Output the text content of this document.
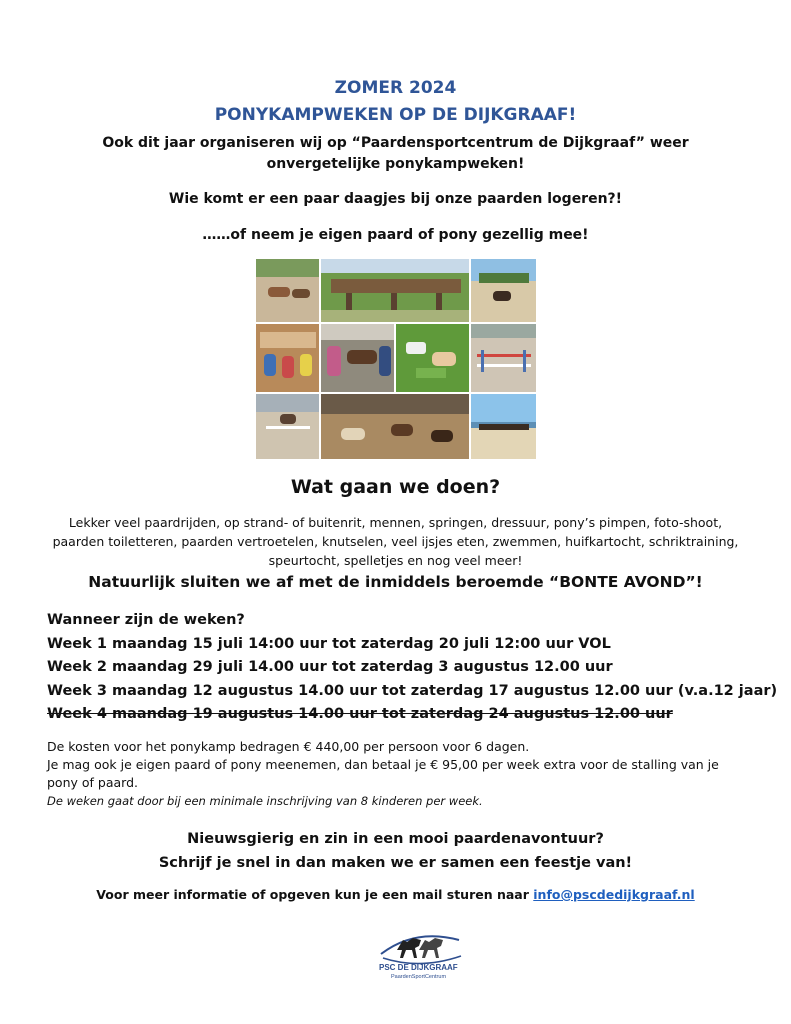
ZOMER 2024
PONYKAMPWEKEN OP DE DIJKGRAAF!
Ook dit jaar organiseren wij op “Paardensportcentrum de Dijkgraaf” weer onvergetelijke ponykampweken!
Wie komt er een paar daagjes bij onze paarden logeren?!
……of neem je eigen paard of pony gezellig mee!
Wat gaan we doen?
Lekker veel paardrijden, op strand- of buitenrit, mennen, springen, dressuur, pony’s pimpen, foto-shoot, paarden toiletteren, paarden vertroetelen, knutselen, veel ijsjes eten, zwemmen, huifkartocht, schriktraining, speurtocht, spelletjes en nog veel meer!
Natuurlijk sluiten we af met de inmiddels beroemde “BONTE AVOND”!
Wanneer zijn de weken?
Week 1 maandag 15 juli 14:00 uur tot zaterdag 20 juli 12:00 uur VOL
Week 2 maandag 29 juli 14.00 uur tot zaterdag 3 augustus 12.00 uur
Week 3 maandag 12 augustus 14.00 uur tot zaterdag 17 augustus 12.00 uur (v.a.12 jaar)
Week 4 maandag 19 augustus 14.00 uur tot zaterdag 24 augustus 12.00 uur
De kosten voor het ponykamp bedragen € 440,00 per persoon voor 6 dagen.
Je mag ook je eigen paard of pony meenemen, dan betaal je € 95,00 per week extra voor de stalling van je pony of paard.
De weken gaat door bij een minimale inschrijving van 8 kinderen per week.
Nieuwsgierig en zin in een mooi paardenavontuur?
Schrijf je snel in dan maken we er samen een feestje van!
Voor meer informatie of opgeven kun je een mail sturen naar info@pscdedijkgraaf.nl
PSC DE DIJKGRAAF
PaardenSportCentrum
